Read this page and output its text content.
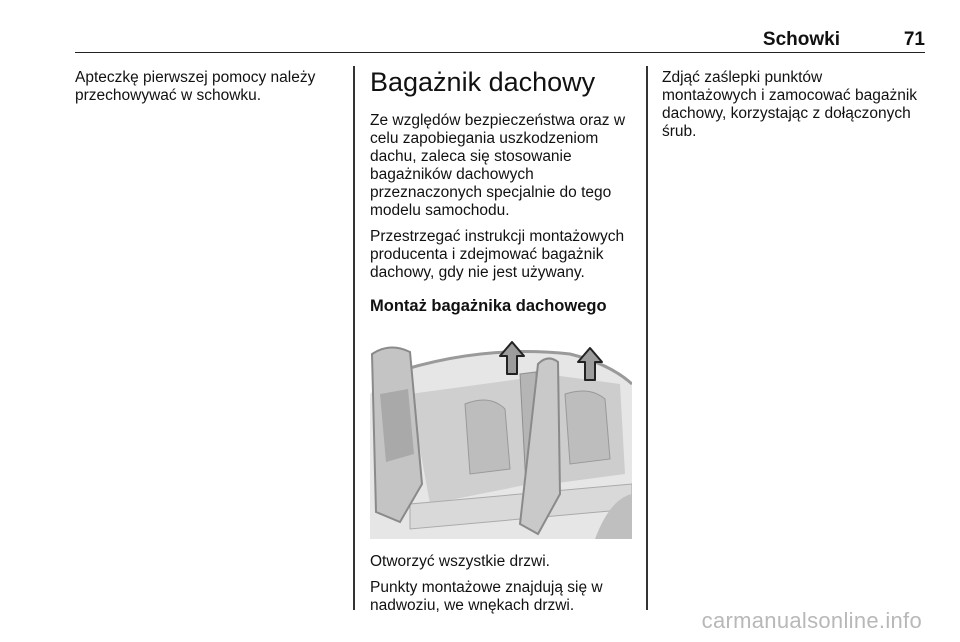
Schowki	71

Apteczkę pierwszej pomocy należy
przechowywać w schowku.	Bagażnik dachowy

Ze względów bezpieczeństwa oraz w
celu zapobiegania uszkodzeniom
dachu, zaleca się stosowanie
bagażników dachowych
przeznaczonych specjalnie do tego
modelu samochodu.

Przestrzegać instrukcji montażowych
producenta i zdejmować bagażnik
dachowy, gdy nie jest używany.

Montaż bagażnika dachowego

Otworzyć wszystkie drzwi.

Punkty montażowe znajdują się w
nadwoziu, we wnękach drzwi.

Zdjąć zaślepki punktów
montażowych i zamocować bagażnik
dachowy, korzystając z dołączonych
śrub.

carmanualsonline.info
